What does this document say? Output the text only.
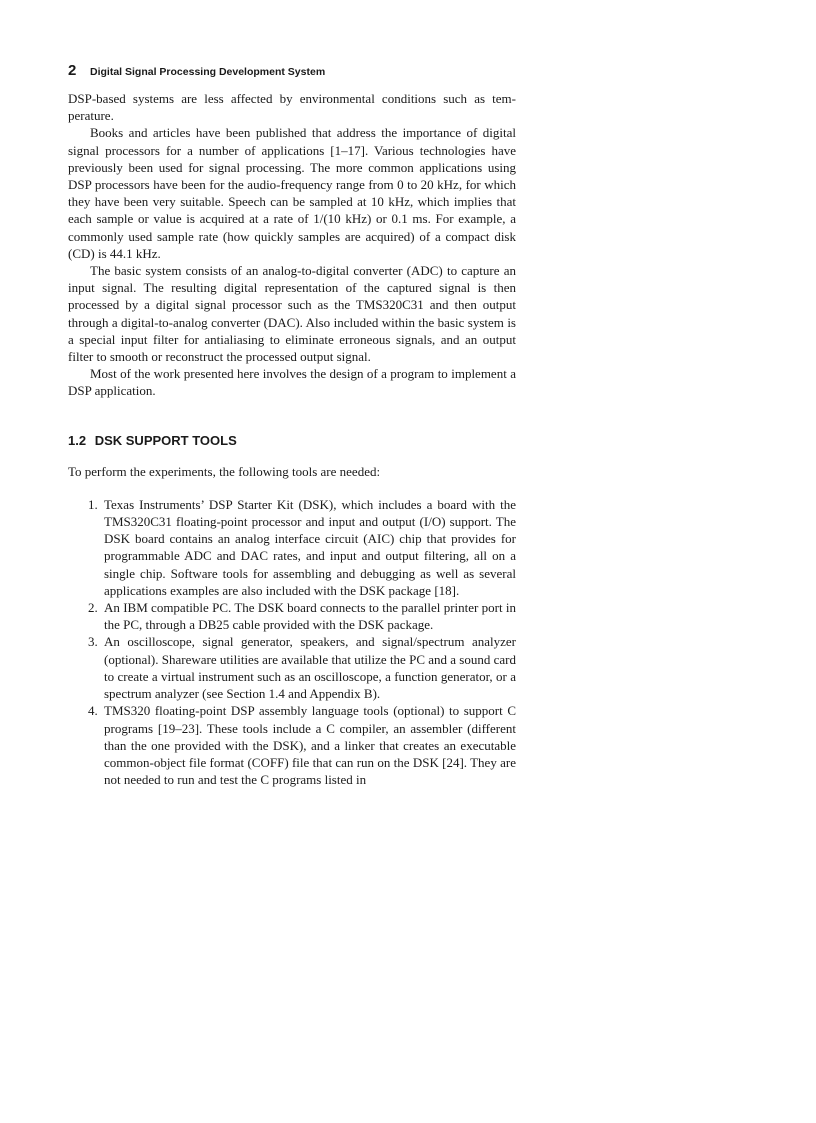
2	Digital Signal Processing Development System

DSP-based systems are less affected by environmental conditions such as temperature.

Books and articles have been published that address the importance of digital signal processors for a number of applications [1–17]. Various technologies have previously been used for signal processing. The more common applications using DSP processors have been for the audio-frequency range from 0 to 20 kHz, for which they have been very suitable. Speech can be sampled at 10 kHz, which implies that each sample or value is acquired at a rate of 1/(10 kHz) or 0.1 ms. For example, a commonly used sample rate (how quickly samples are acquired) of a compact disk (CD) is 44.1 kHz.

The basic system consists of an analog-to-digital converter (ADC) to capture an input signal. The resulting digital representation of the captured signal is then processed by a digital signal processor such as the TMS320C31 and then output through a digital-to-analog converter (DAC). Also included within the basic system is a special input filter for antialiasing to eliminate erroneous signals, and an output filter to smooth or reconstruct the processed output signal.

Most of the work presented here involves the design of a program to implement a DSP application.

1.2 DSK SUPPORT TOOLS

To perform the experiments, the following tools are needed:

1. Texas Instruments’ DSP Starter Kit (DSK), which includes a board with the TMS320C31 floating-point processor and input and output (I/O) support. The DSK board contains an analog interface circuit (AIC) chip that provides for programmable ADC and DAC rates, and input and output filtering, all on a single chip. Software tools for assembling and debugging as well as several applications examples are also included with the DSK package [18].

2. An IBM compatible PC. The DSK board connects to the parallel printer port in the PC, through a DB25 cable provided with the DSK package.

3. An oscilloscope, signal generator, speakers, and signal/spectrum analyzer (optional). Shareware utilities are available that utilize the PC and a sound card to create a virtual instrument such as an oscilloscope, a function generator, or a spectrum analyzer (see Section 1.4 and Appendix B).

4. TMS320 floating-point DSP assembly language tools (optional) to support C programs [19–23]. These tools include a C compiler, an assembler (different than the one provided with the DSK), and a linker that creates an executable common-object file format (COFF) file that can run on the DSK [24]. They are not needed to run and test the C programs listed in
